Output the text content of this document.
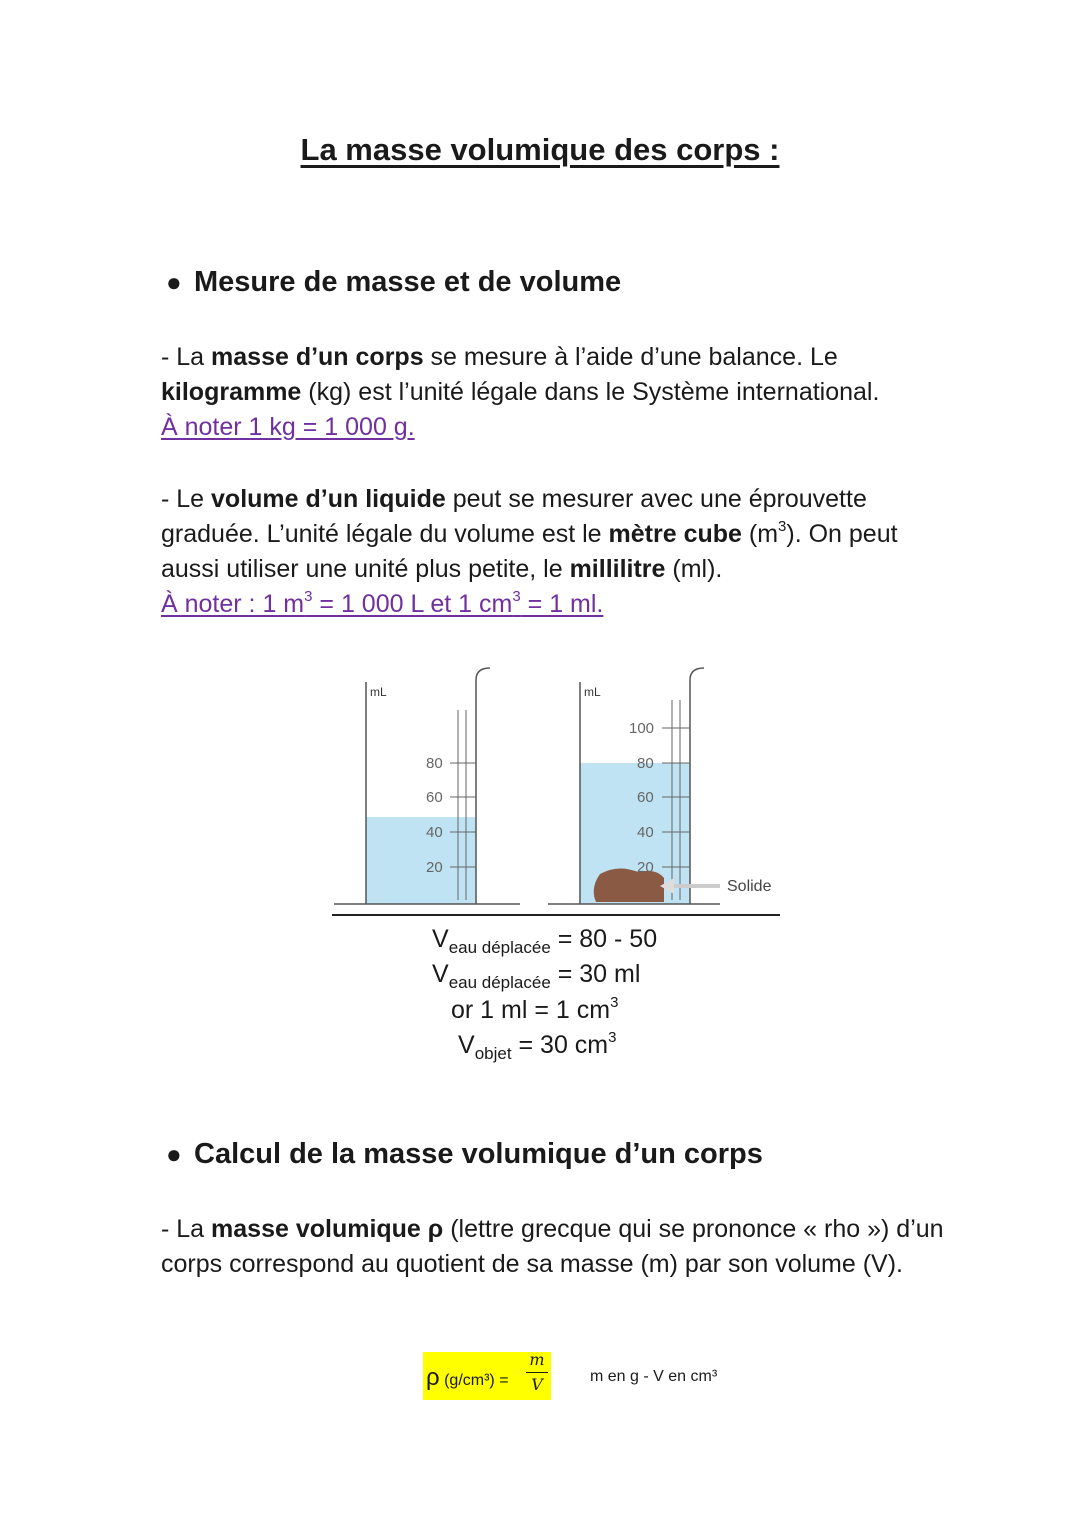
La masse volumique des corps :
● Mesure de masse et de volume
- La masse d’un corps se mesure à l’aide d’une balance. Le kilogramme (kg) est l’unité légale dans le Système international.
À noter 1 kg = 1 000 g.
- Le volume d’un liquide peut se mesurer avec une éprouvette graduée. L’unité légale du volume est le mètre cube $(m^3)$. On peut aussi utiliser une unité plus petite, le millilitre (ml).
À noter : 1 $m^3 = 1$ 000 L et 1 $cm^3 = 1$ ml.
mL
80
60
40
20
mL
100
80
60
40
20
Solide
$V_{eau déplacée} = 80 - 50$
$V_{eau déplacée} = 30$ ml
or 1 ml = 1 $cm^3$
$V_{objet} = 30$ $cm^3$
● Calcul de la masse volumique d’un corps
- La masse volumique ρ (lettre grecque qui se prononce « rho ») d’un corps correspond au quotient de sa masse (m) par son volume (V).
ρ (g/cm³) =
m
V	m en g - V en cm³
